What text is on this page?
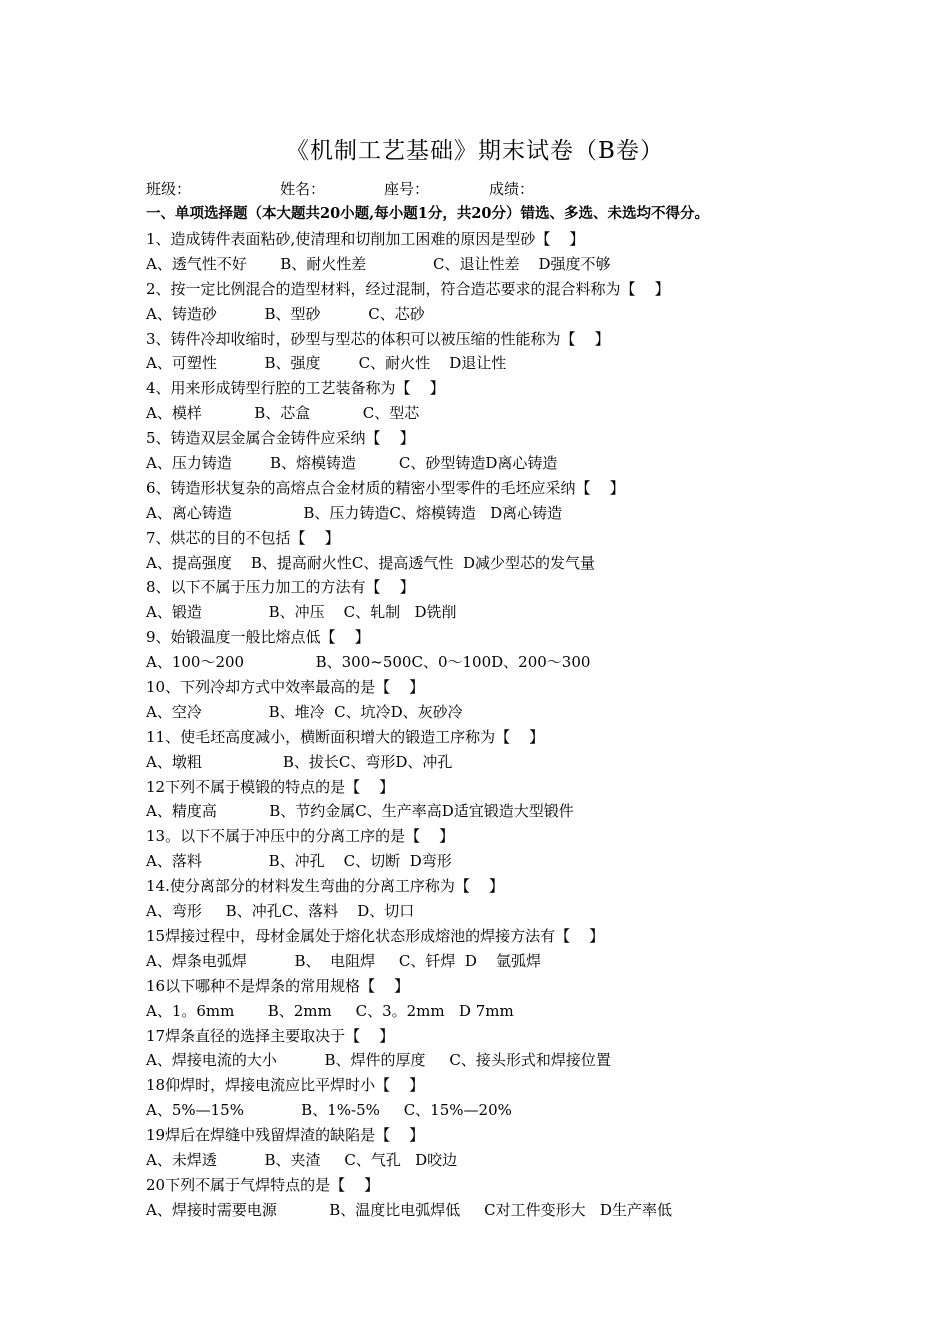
《机制工艺基础》期末试卷（B卷）
班级：	姓名：	座号：	成绩：
一、单项选择题（本大题共20小题,每小题1分，共20分）错选、多选、未选均不得分。
1、造成铸件表面粘砂,使清理和切削加工困难的原因是型砂【    】
A、透气性不好       B、耐火性差              C、退让性差    D强度不够
2、按一定比例混合的造型材料，经过混制，符合造芯要求的混合料称为【    】
A、铸造砂          B、型砂          C、芯砂
3、铸件冷却收缩时，砂型与型芯的体积可以被压缩的性能称为【    】
A、可塑性          B、强度        C、耐火性    D退让性
4、用来形成铸型行腔的工艺装备称为【    】
A、模样           B、芯盒           C、型芯
5、铸造双层金属合金铸件应采纳【    】
A、压力铸造        B、熔模铸造         C、砂型铸造D离心铸造
6、铸造形状复杂的高熔点合金材质的精密小型零件的毛坯应采纳【    】
A、离心铸造               B、压力铸造C、熔模铸造   D离心铸造
7、烘芯的目的不包括【    】
A、提高强度    B、提高耐火性C、提高透气性  D减少型芯的发气量
8、以下不属于压力加工的方法有【    】
A、锻造              B、冲压    C、轧制   D铣削
9、始锻温度一般比熔点低【    】
A、100～200               B、300~500C、0～100D、200～300
10、下列冷却方式中效率最高的是【    】
A、空冷              B、堆冷  C、坑冷D、灰砂冷
11、使毛坯高度减小，横断面积增大的锻造工序称为【    】
A、墩粗                 B、拔长C、弯形D、冲孔
12下列不属于模锻的特点的是【    】
A、精度高           B、节约金属C、生产率高D适宜锻造大型锻件
13。以下不属于冲压中的分离工序的是【    】
A、落料              B、冲孔    C、切断  D弯形
14.使分离部分的材料发生弯曲的分离工序称为【    】
A、弯形     B、冲孔C、落料    D、切口
15焊接过程中，母材金属处于熔化状态形成熔池的焊接方法有【    】
A、焊条电弧焊          B、  电阻焊     C、钎焊  D    氩弧焊
16以下哪种不是焊条的常用规格【    】
A、1。6mm       B、2mm     C、3。2mm   D 7mm
17焊条直径的选择主要取决于【    】
A、焊接电流的大小          B、焊件的厚度     C、接头形式和焊接位置
18仰焊时，焊接电流应比平焊时小【    】
A、5%—15%            B、1%-5%     C、15%—20%
19焊后在焊缝中残留焊渣的缺陷是【    】
A、未焊透          B、夹渣     C、气孔   D咬边
20下列不属于气焊特点的是【    】
A、焊接时需要电源           B、温度比电弧焊低     C对工件变形大   D生产率低
